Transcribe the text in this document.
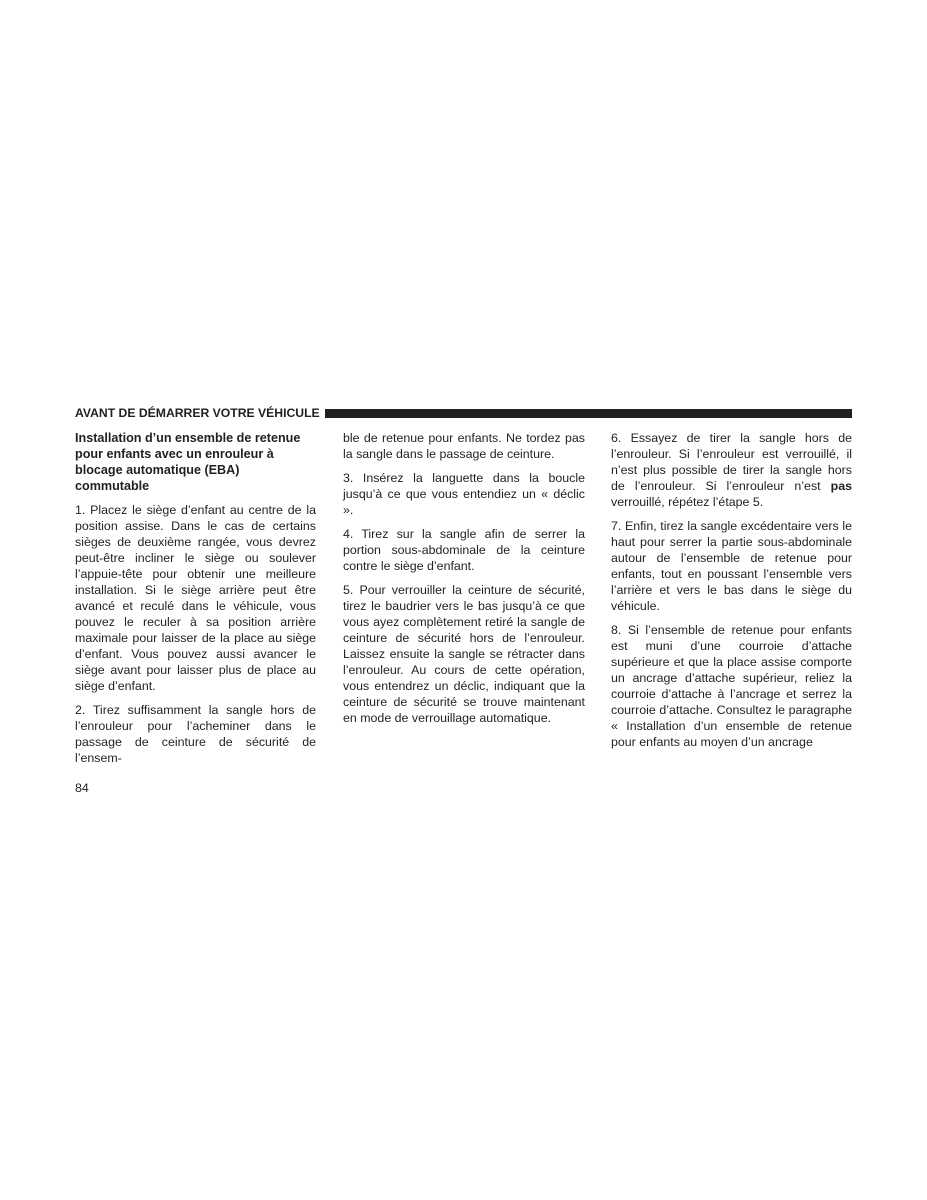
AVANT DE DÉMARRER VOTRE VÉHICULE

Installation d’un ensemble de retenue pour enfants avec un enrouleur à blocage automatique (EBA) commutable

1. Placez le siège d’enfant au centre de la position assise. Dans le cas de certains sièges de deuxième rangée, vous devrez peut-être incliner le siège ou soulever l’appuie-tête pour obtenir une meilleure installation. Si le siège arrière peut être avancé et reculé dans le véhicule, vous pouvez le reculer à sa position arrière maximale pour laisser de la place au siège d’enfant. Vous pouvez aussi avancer le siège avant pour laisser plus de place au siège d’enfant.

2. Tirez suffisamment la sangle hors de l’enrouleur pour l’acheminer dans le passage de ceinture de sécurité de l’ensem-

ble de retenue pour enfants. Ne tordez pas la sangle dans le passage de ceinture.

3. Insérez la languette dans la boucle jusqu’à ce que vous entendiez un « déclic ».

4. Tirez sur la sangle afin de serrer la portion sous-abdominale de la ceinture contre le siège d’enfant.

5. Pour verrouiller la ceinture de sécurité, tirez le baudrier vers le bas jusqu’à ce que vous ayez complètement retiré la sangle de ceinture de sécurité hors de l’enrouleur. Laissez ensuite la sangle se rétracter dans l’enrouleur. Au cours de cette opération, vous entendrez un déclic, indiquant que la ceinture de sécurité se trouve maintenant en mode de verrouillage automatique.

6. Essayez de tirer la sangle hors de l’enrouleur. Si l’enrouleur est verrouillé, il n’est plus possible de tirer la sangle hors de l’enrouleur. Si l’enrouleur n’est pas verrouillé, répétez l’étape 5.

7. Enfin, tirez la sangle excédentaire vers le haut pour serrer la partie sous-abdominale autour de l’ensemble de retenue pour enfants, tout en poussant l’ensemble vers l’arrière et vers le bas dans le siège du véhicule.

8. Si l’ensemble de retenue pour enfants est muni d’une courroie d’attache supérieure et que la place assise comporte un ancrage d’attache supérieur, reliez la courroie d’attache à l’ancrage et serrez la courroie d’attache. Consultez le paragraphe « Installation d’un ensemble de retenue pour enfants au moyen d’un ancrage

84
